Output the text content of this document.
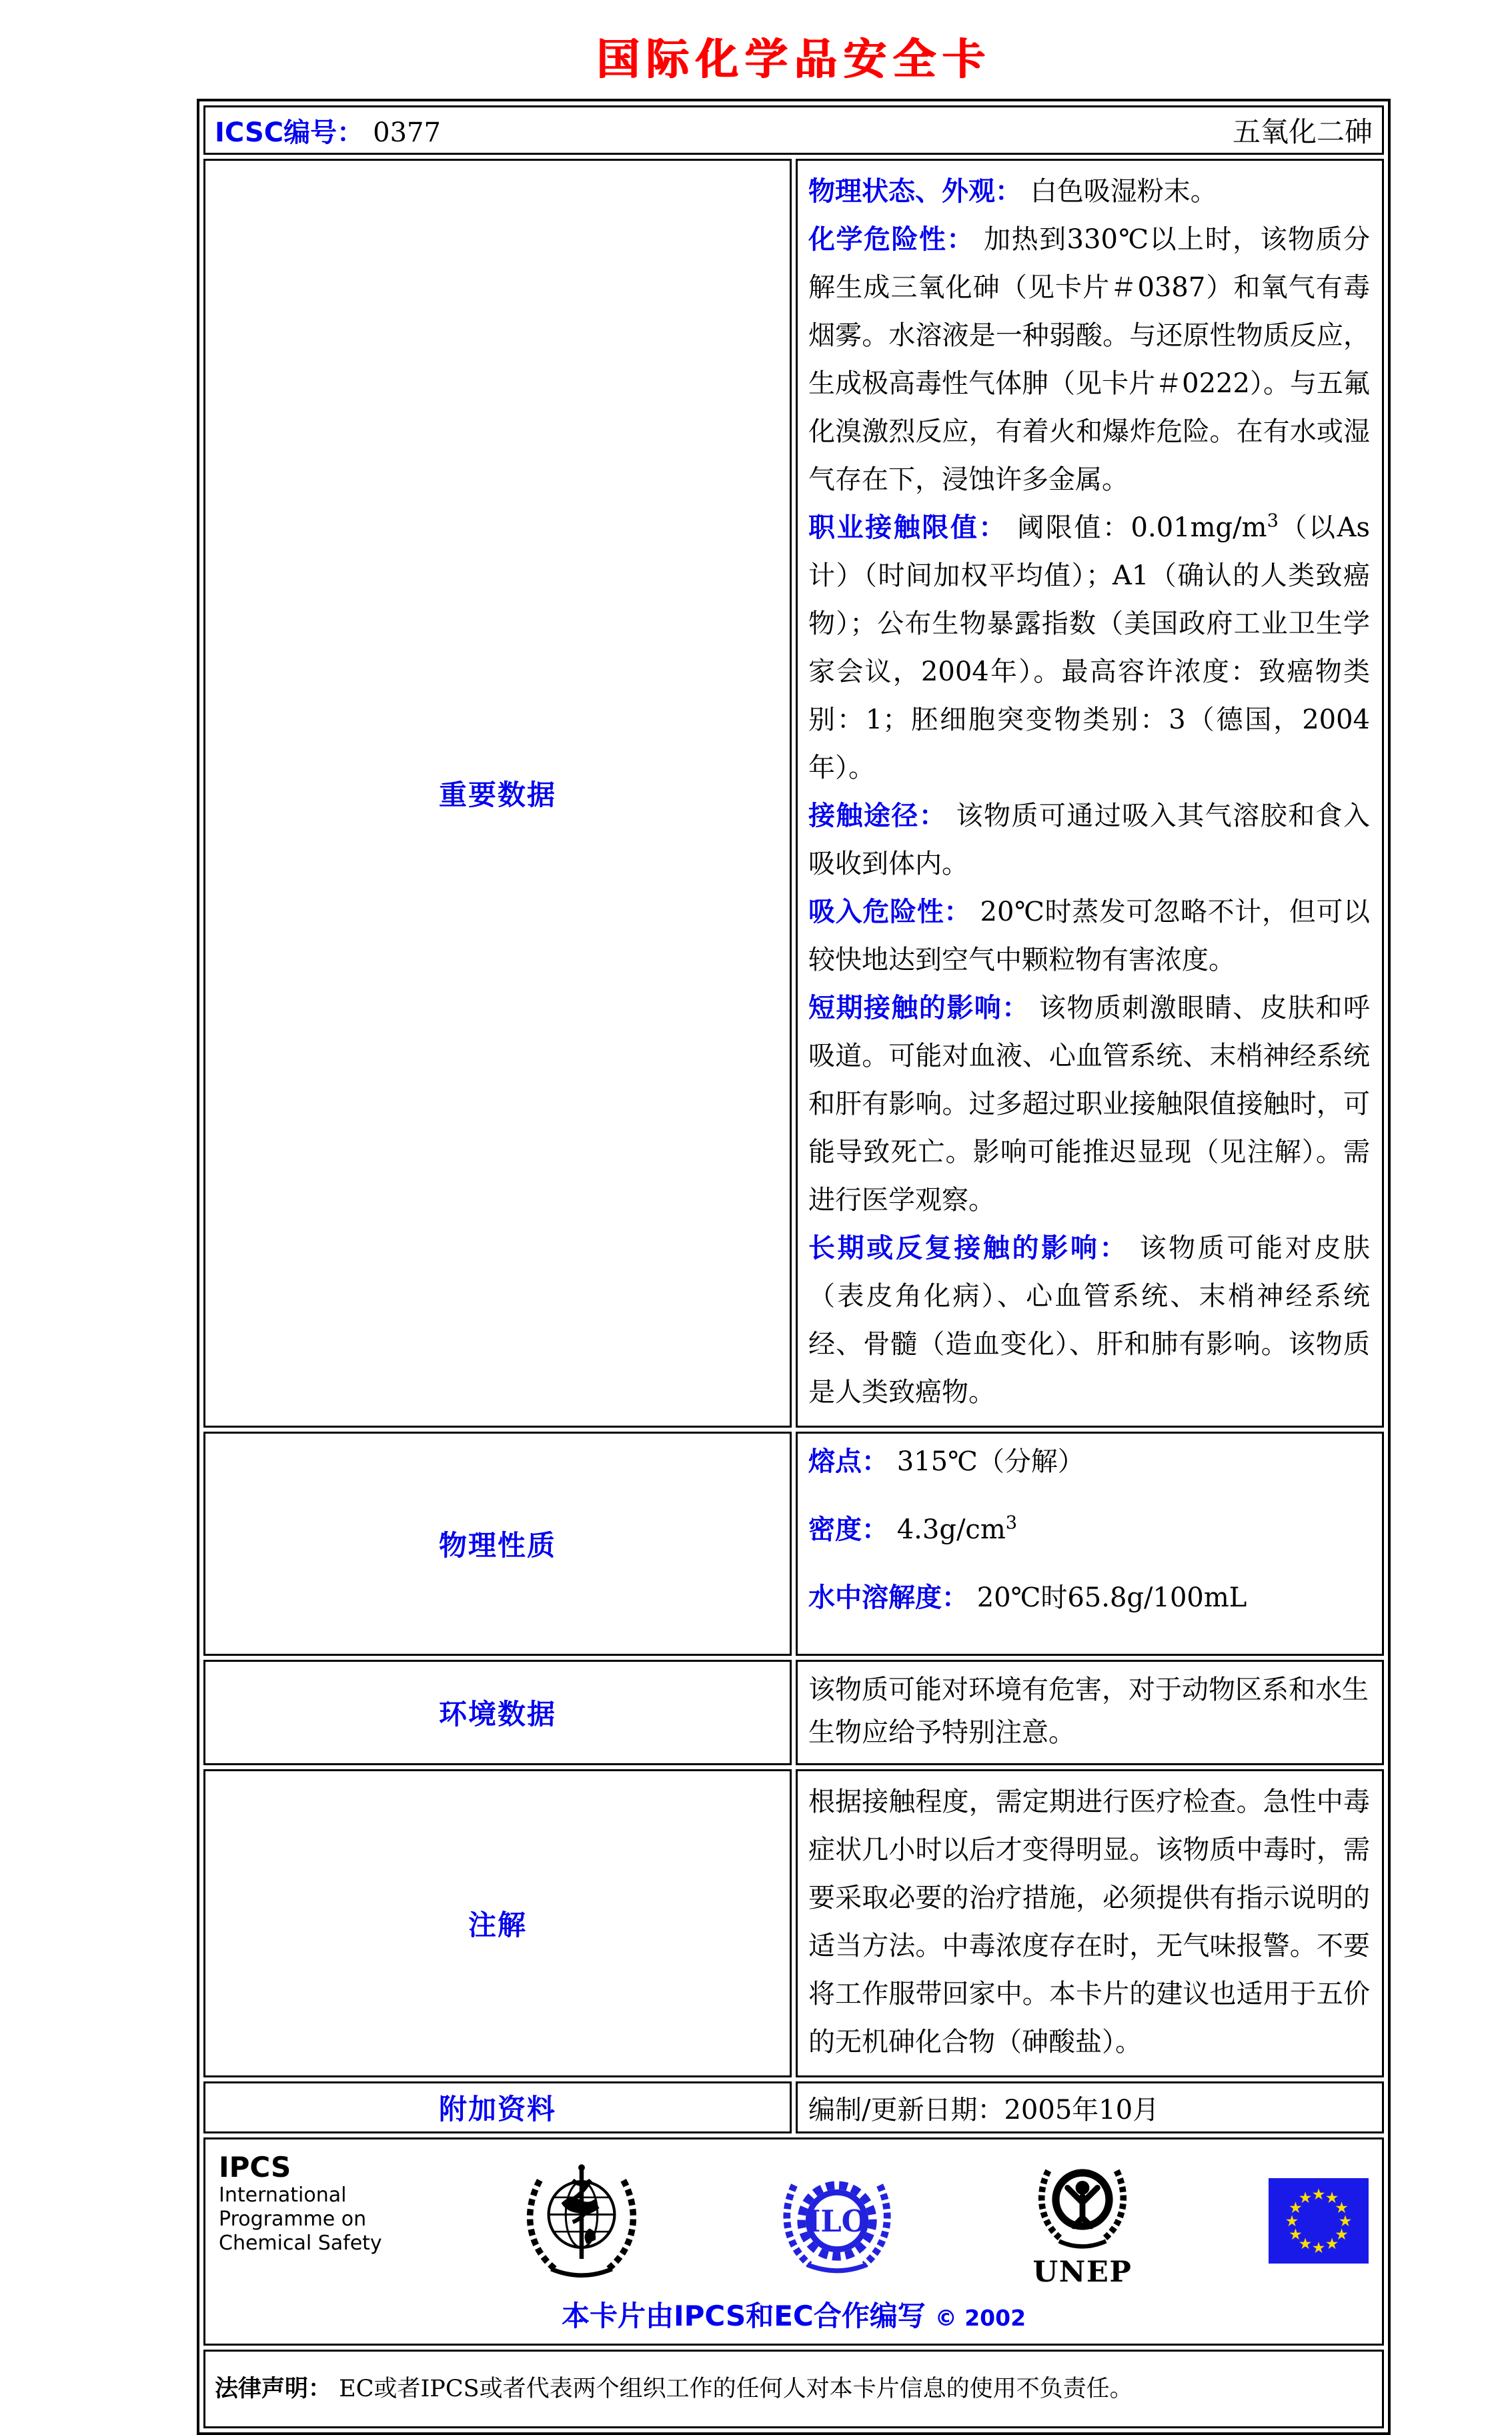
国际化学品安全卡
ICSC编号： 0377 五氧化二砷	

重要数据	

物理状态、外观： 白色吸湿粉末。

化学危险性： 加热到330℃以上时，该物质分解生成三氧化砷（见卡片＃0387）和氧气有毒烟雾。水溶液是一种弱酸。与还原性物质反应，生成极高毒性气体胂（见卡片＃0222）。与五氟化溴激烈反应，有着火和爆炸危险。在有水或湿气存在下，浸蚀许多金属。

职业接触限值： 阈限值：$0.01mg/m^3$（以As计）（时间加权平均值）；A1（确认的人类致癌物）；公布生物暴露指数（美国政府工业卫生学家会议，2004年）。最高容许浓度：致癌物类别：1；胚细胞突变物类别：3（德国，2004年）。

接触途径： 该物质可通过吸入其气溶胶和食入吸收到体内。

吸入危险性： 20℃时蒸发可忽略不计，但可以较快地达到空气中颗粒物有害浓度。

短期接触的影响： 该物质刺激眼睛、皮肤和呼吸道。可能对血液、心血管系统、末梢神经系统和肝有影响。过多超过职业接触限值接触时，可能导致死亡。影响可能推迟显现（见注解）。需进行医学观察。

长期或反复接触的影响： 该物质可能对皮肤（表皮角化病）、心血管系统、末梢神经系统经、骨髓（造血变化）、肝和肺有影响。该物质是人类致癌物。

物理性质	熔点： 315℃（分解）

密度： $4.3g/cm^3$

水中溶解度： 20℃时65.8g/100mL

环境数据	该物质可能对环境有危害，对于动物区系和水生生物应给予特别注意。
注解	根据接触程度，需定期进行医疗检查。急性中毒症状几小时以后才变得明显。该物质中毒时，需要采取必要的治疗措施，必须提供有指示说明的适当方法。中毒浓度存在时，无气味报警。不要将工作服带回家中。本卡片的建议也适用于五价的无机砷化合物（砷酸盐）。
附加资料	编制/更新日期：2005年10月

IPCS
International
Programme on
Chemical Safety
ILO
UNEP
★ ★
★
★
★
★
★
★
★
★
★
★

本卡片由IPCS和EC合作编写 © 2002

法律声明： EC或者IPCS或者代表两个组织工作的任何人对本卡片信息的使用不负责任。	
